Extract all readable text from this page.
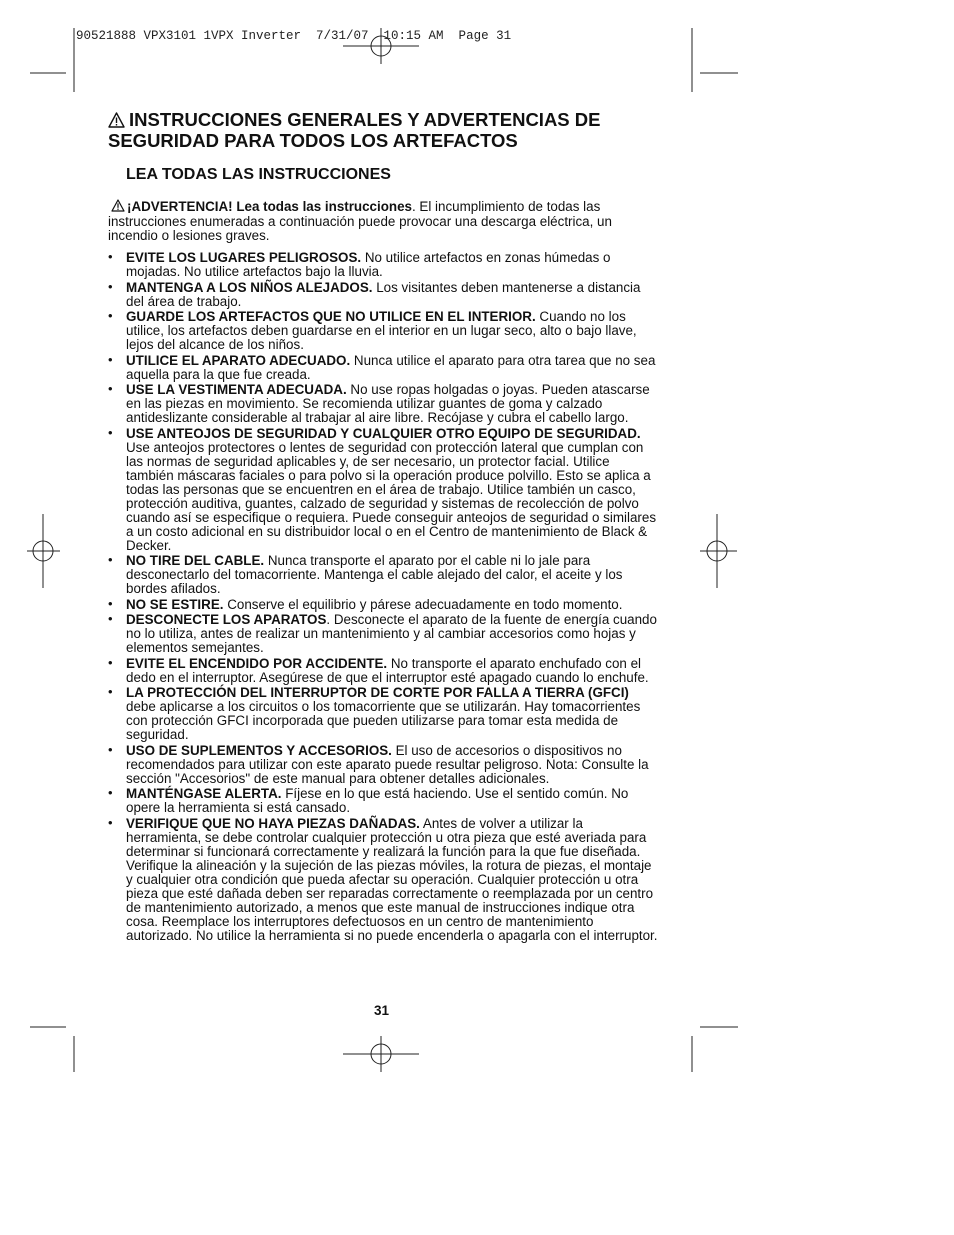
90521888 VPX3101 1VPX Inverter  7/31/07  10:15 AM  Page 31
INSTRUCCIONES GENERALES Y ADVERTENCIAS DE
SEGURIDAD PARA TODOS LOS ARTEFACTOS
LEA TODAS LAS INSTRUCCIONES

¡ADVERTENCIA! Lea todas las instrucciones. El incumplimiento de todas las instrucciones enumeradas a continuación puede provocar una descarga eléctrica, un incendio o lesiones graves.

• EVITE LOS LUGARES PELIGROSOS. No utilice artefactos en zonas húmedas o mojadas. No utilice artefactos bajo la lluvia.
• MANTENGA A LOS NIÑOS ALEJADOS. Los visitantes deben mantenerse a distancia del área de trabajo.
• GUARDE LOS ARTEFACTOS QUE NO UTILICE EN EL INTERIOR. Cuando no los utilice, los artefactos deben guardarse en el interior en un lugar seco, alto o bajo llave, lejos del alcance de los niños.
• UTILICE EL APARATO ADECUADO. Nunca utilice el aparato para otra tarea que no sea aquella para la que fue creada.
• USE LA VESTIMENTA ADECUADA. No use ropas holgadas o joyas. Pueden atascarse en las piezas en movimiento. Se recomienda utilizar guantes de goma y calzado antideslizante considerable al trabajar al aire libre. Recójase y cubra el cabello largo.
• USE ANTEOJOS DE SEGURIDAD Y CUALQUIER OTRO EQUIPO DE SEGURIDAD. Use anteojos protectores o lentes de seguridad con protección lateral que cumplan con las normas de seguridad aplicables y, de ser necesario, un protector facial. Utilice también máscaras faciales o para polvo si la operación produce polvillo. Esto se aplica a todas las personas que se encuentren en el área de trabajo. Utilice también un casco, protección auditiva, guantes, calzado de seguridad y sistemas de recolección de polvo cuando así se especifique o requiera. Puede conseguir anteojos de seguridad o similares a un costo adicional en su distribuidor local o en el Centro de mantenimiento de Black & Decker.
• NO TIRE DEL CABLE. Nunca transporte el aparato por el cable ni lo jale para desconectarlo del tomacorriente. Mantenga el cable alejado del calor, el aceite y los bordes afilados.
• NO SE ESTIRE. Conserve el equilibrio y párese adecuadamente en todo momento.
• DESCONECTE LOS APARATOS. Desconecte el aparato de la fuente de energía cuando no lo utiliza, antes de realizar un mantenimiento y al cambiar accesorios como hojas y elementos semejantes.
• EVITE EL ENCENDIDO POR ACCIDENTE. No transporte el aparato enchufado con el dedo en el interruptor. Asegúrese de que el interruptor esté apagado cuando lo enchufe.
• LA PROTECCIÓN DEL INTERRUPTOR DE CORTE POR FALLA A TIERRA (GFCI) debe aplicarse a los circuitos o los tomacorriente que se utilizarán. Hay tomacorrientes con protección GFCI incorporada que pueden utilizarse para tomar esta medida de seguridad.
• USO DE SUPLEMENTOS Y ACCESORIOS. El uso de accesorios o dispositivos no recomendados para utilizar con este aparato puede resultar peligroso. Nota: Consulte la sección "Accesorios" de este manual para obtener detalles adicionales.
• MANTÉNGASE ALERTA. Fíjese en lo que está haciendo. Use el sentido común. No opere la herramienta si está cansado.
• VERIFIQUE QUE NO HAYA PIEZAS DAÑADAS. Antes de volver a utilizar la herramienta, se debe controlar cualquier protección u otra pieza que esté averiada para determinar si funcionará correctamente y realizará la función para la que fue diseñada. Verifique la alineación y la sujeción de las piezas móviles, la rotura de piezas, el montaje y cualquier otra condición que pueda afectar su operación. Cualquier protección u otra pieza que esté dañada deben ser reparadas correctamente o reemplazada por un centro de mantenimiento autorizado, a menos que este manual de instrucciones indique otra cosa. Reemplace los interruptores defectuosos en un centro de mantenimiento autorizado. No utilice la herramienta si no puede encenderla o apagarla con el interruptor.
31
